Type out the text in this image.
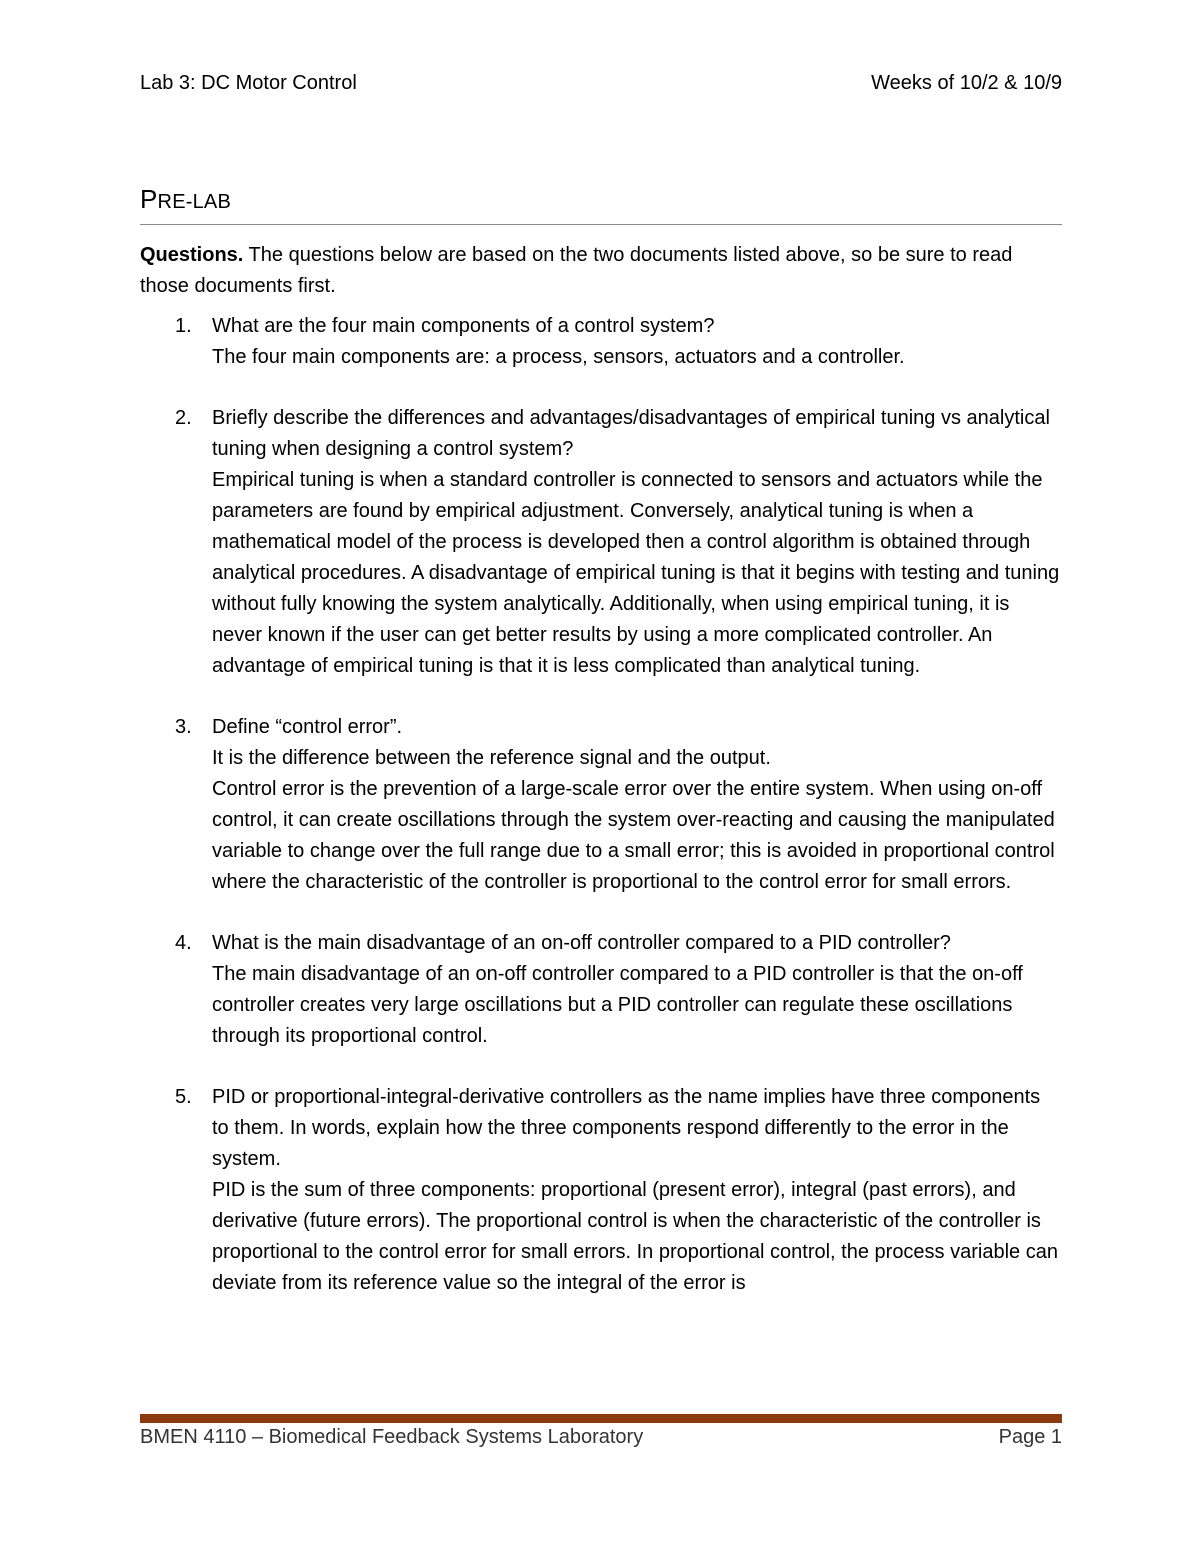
Lab 3: DC Motor Control	Weeks of 10/2 & 10/9
PRE-LAB

Questions. The questions below are based on the two documents listed above, so be sure to read those documents first.

1. What are the four main components of a control system?
The four main components are: a process, sensors, actuators and a controller.
2. Briefly describe the differences and advantages/disadvantages of empirical tuning vs analytical tuning when designing a control system?
Empirical tuning is when a standard controller is connected to sensors and actuators while the parameters are found by empirical adjustment. Conversely, analytical tuning is when a mathematical model of the process is developed then a control algorithm is obtained through analytical procedures. A disadvantage of empirical tuning is that it begins with testing and tuning without fully knowing the system analytically. Additionally, when using empirical tuning, it is never known if the user can get better results by using a more complicated controller. An advantage of empirical tuning is that it is less complicated than analytical tuning.
3. Define “control error”.
It is the difference between the reference signal and the output.
Control error is the prevention of a large-scale error over the entire system. When using on-off control, it can create oscillations through the system over-reacting and causing the manipulated variable to change over the full range due to a small error; this is avoided in proportional control where the characteristic of the controller is proportional to the control error for small errors.
4. What is the main disadvantage of an on-off controller compared to a PID controller?
The main disadvantage of an on-off controller compared to a PID controller is that the on-off controller creates very large oscillations but a PID controller can regulate these oscillations through its proportional control.
5. PID or proportional-integral-derivative controllers as the name implies have three components to them. In words, explain how the three components respond differently to the error in the system.
PID is the sum of three components: proportional (present error), integral (past errors), and derivative (future errors). The proportional control is when the characteristic of the controller is proportional to the control error for small errors. In proportional control, the process variable can deviate from its reference value so the integral of the error is
BMEN 4110 – Biomedical Feedback Systems Laboratory	Page 1
